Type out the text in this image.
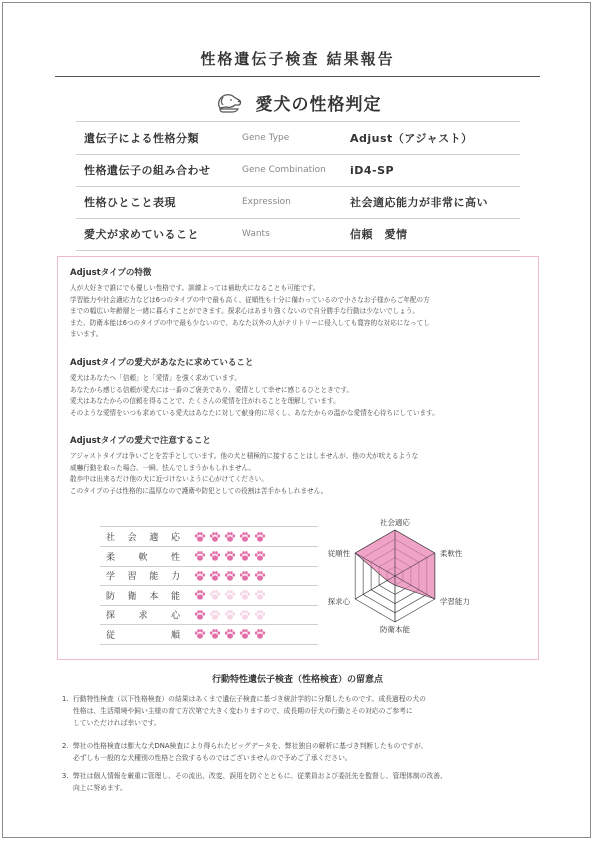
性格遺伝子検査 結果報告
愛犬の性格判定
遺伝子による性格分類	Gene Type	Adjust（アジャスト）
性格遺伝子の組み合わせ	Gene Combination	iD4-SP
性格ひとこと表現	Expression	社会適応能力が非常に高い
愛犬が求めていること	Wants	信頼　愛情
Adjustタイプの特徴
人が大好きで誰にでも優しい性格です。訓練よっては補助犬になることも可能です。
学習能力や社会適応力などは6つのタイプの中で最も高く、従順性も十分に備わっているので小さなお子様からご年配の方
までの幅広い年齢層と一緒に暮らすことができます。探求心はあまり強くないので自分勝手な行動は少ないでしょう。
また、防衛本能は6つのタイプの中で最も少ないので、あなた以外の人がテリトリーに侵入しても寛容的な対応になってし
まいます。
Adjustタイプの愛犬があなたに求めていること
愛犬はあなたへ「信頼」と「愛情」を強く求めています。
あなたから感じる信頼が愛犬には一番のご褒美であり、愛情として幸せに感じるひとときです。
愛犬はあなたからの信頼を得ることで、たくさんの愛情を注がれることを理解しています。
そのような愛情をいつも求めている愛犬はあなたに対して献身的に尽くし、あなたからの温かな愛情を心待ちにしています。
Adjustタイプの愛犬で注意すること
アジャストタイプは争いごとを苦手としています。他の犬と積極的に接することはしませんが、他の犬が吠えるような
威嚇行動を取った場合、一瞬、怯んでしまうかもしれません。
散歩中は出来るだけ他の犬に近づけないように心がけてください。
このタイプの子は性格的に温厚なので護衛や防犯としての役割は苦手かもしれません。
社 会 適 応
柔	軟	性
学 習 能 力
防 衛 本 能
探	求	心
従	順
社会適応
柔軟性
学習能力
防衛本能
探求心
従順性
行動特性遺伝子検査（性格検査）の留意点
1. 行動特性検査（以下性格検査）の結果はあくまで遺伝子検査に基づき統計学的に分類したものです。成長過程の犬の
性格は、生活環境や飼い主様の育て方次第で大きく変わりますので、成長期の仔犬の行動とその対応のご参考に
していただければ幸いです。
2. 弊社の性格検査は膨大な犬DNA検査により得られたビッグデータを、弊社独自の解析に基づき判断したものですが、
必ずしも一般的な犬種別の性格と合致するものではございませんので予めご了承ください。
3. 弊社は個人情報を厳重に管理し、その流出、改変、誤用を防ぐとともに、従業員および委託先を監督し、管理体制の改善、
向上に努めます。
